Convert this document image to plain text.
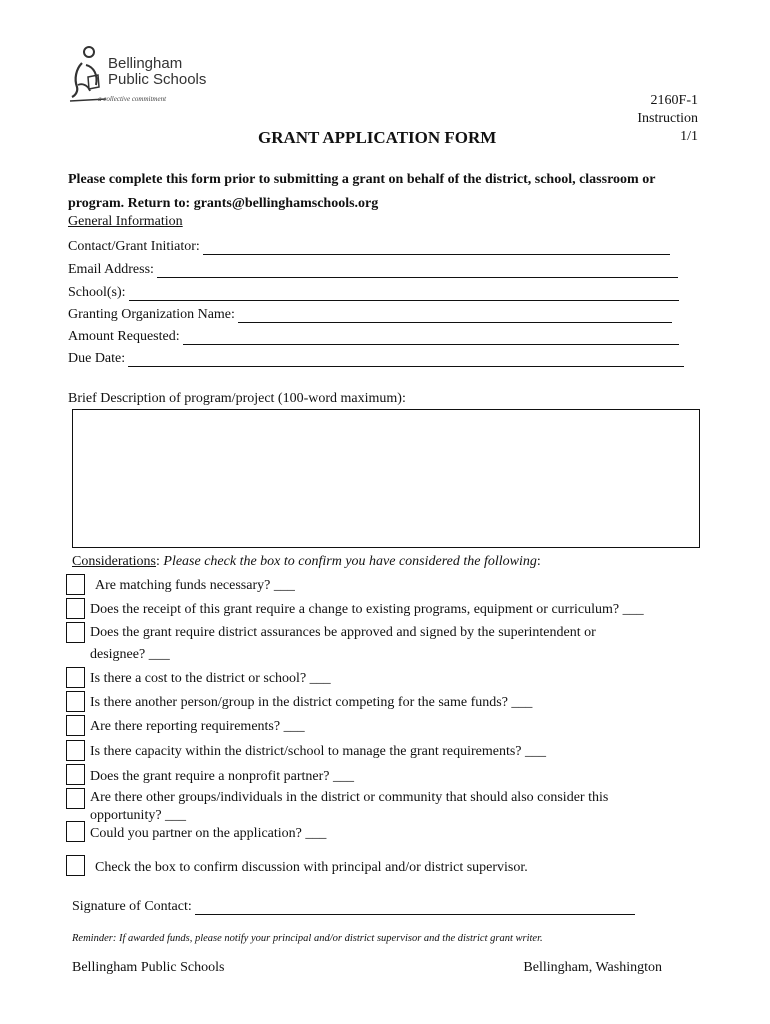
Bellingham
Public Schools
a collective commitment	2160F-1
Instruction
1/1
GRANT APPLICATION FORM
Please complete this form prior to submitting a grant on behalf of the district, school, classroom or program. Return to: grants@bellinghamschools.org
General Information
Contact/Grant Initiator:
Email Address:
School(s):
Granting Organization Name:
Amount Requested:
Due Date:
Brief Description of program/project (100-word maximum):
Considerations: Please check the box to confirm you have considered the following:
Are matching funds necessary? ___
Does the receipt of this grant require a change to existing programs, equipment or curriculum? ___
Does the grant require district assurances be approved and signed by the superintendent or
designee? ___
Is there a cost to the district or school? ___
Is there another person/group in the district competing for the same funds? ___
Are there reporting requirements? ___
Is there capacity within the district/school to manage the grant requirements? ___
Does the grant require a nonprofit partner? ___
Are there other groups/individuals in the district or community that should also consider this
opportunity? ___
Could you partner on the application? ___
Check the box to confirm discussion with principal and/or district supervisor.
Signature of Contact:
Reminder: If awarded funds, please notify your principal and/or district supervisor and the district grant writer.
Bellingham Public Schools	Bellingham, Washington
